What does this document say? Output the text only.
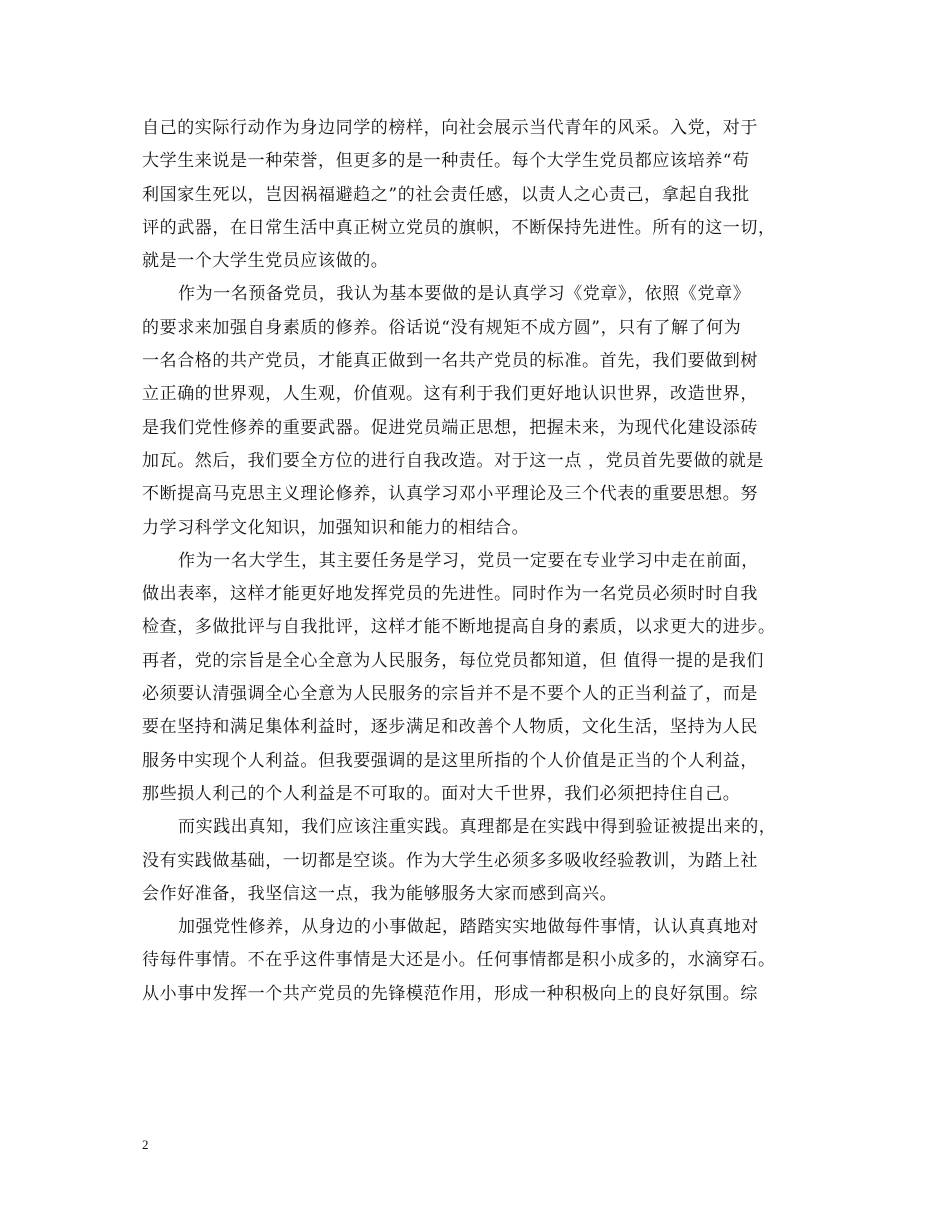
自己的实际行动作为身边同学的榜样，向社会展示当代青年的风采。入党，对于
大学生来说是一种荣誉，但更多的是一种责任。每个大学生党员都应该培养“苟
利国家生死以，岂因祸福避趋之”的社会责任感，以责人之心责己，拿起自我批
评的武器，在日常生活中真正树立党员的旗帜，不断保持先进性。所有的这一切，
就是一个大学生党员应该做的。

作为一名预备党员，我认为基本要做的是认真学习《党章》，依照《党章》
的要求来加强自身素质的修养。俗话说“没有规矩不成方圆”，只有了解了何为
一名合格的共产党员，才能真正做到一名共产党员的标准。首先，我们要做到树
立正确的世界观，人生观，价值观。这有利于我们更好地认识世界，改造世界，
是我们党性修养的重要武器。促进党员端正思想，把握未来，为现代化建设添砖
加瓦。然后，我们要全方位的进行自我改造。对于这一点 ，党员首先要做的就是
不断提高马克思主义理论修养，认真学习邓小平理论及三个代表的重要思想。努
力学习科学文化知识，加强知识和能力的相结合。

作为一名大学生，其主要任务是学习，党员一定要在专业学习中走在前面，
做出表率，这样才能更好地发挥党员的先进性。同时作为一名党员必须时时自我
检查，多做批评与自我批评，这样才能不断地提高自身的素质，以求更大的进步。
再者，党的宗旨是全心全意为人民服务，每位党员都知道，但 值得一提的是我们
必须要认清强调全心全意为人民服务的宗旨并不是不要个人的正当利益了，而是
要在坚持和满足集体利益时，逐步满足和改善个人物质，文化生活，坚持为人民
服务中实现个人利益。但我要强调的是这里所指的个人价值是正当的个人利益，
那些损人利己的个人利益是不可取的。面对大千世界，我们必须把持住自己。

而实践出真知，我们应该注重实践。真理都是在实践中得到验证被提出来的，
没有实践做基础，一切都是空谈。作为大学生必须多多吸收经验教训，为踏上社
会作好准备，我坚信这一点，我为能够服务大家而感到高兴。

加强党性修养，从身边的小事做起，踏踏实实地做每件事情，认认真真地对
待每件事情。不在乎这件事情是大还是小。任何事情都是积小成多的，水滴穿石。
从小事中发挥一个共产党员的先锋模范作用，形成一种积极向上的良好氛围。综

2
